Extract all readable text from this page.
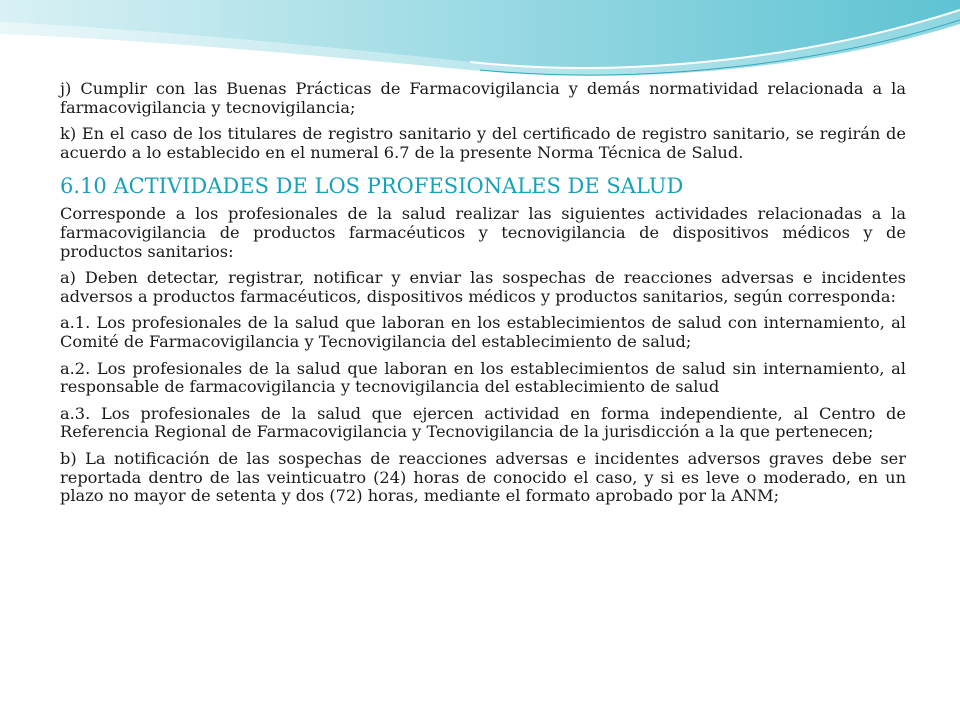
j) Cumplir con las Buenas Prácticas de Farmacovigilancia y demás normatividad relacionada a la farmacovigilancia y tecnovigilancia;

k) En el caso de los titulares de registro sanitario y del certificado de registro sanitario, se regirán de acuerdo a lo establecido en el numeral 6.7 de la presente Norma Técnica de Salud.

6.10 ACTIVIDADES DE LOS PROFESIONALES DE SALUD

Corresponde a los profesionales de la salud realizar las siguientes actividades relacionadas a la farmacovigilancia de productos farmacéuticos y tecnovigilancia de dispositivos médicos y de productos sanitarios:

a) Deben detectar, registrar, notificar y enviar las sospechas de reacciones adversas e incidentes adversos a productos farmacéuticos, dispositivos médicos y productos sanitarios, según corresponda:

a.1. Los profesionales de la salud que laboran en los establecimientos de salud con internamiento, al Comité de Farmacovigilancia y Tecnovigilancia del establecimiento de salud;

a.2. Los profesionales de la salud que laboran en los establecimientos de salud sin internamiento, al responsable de farmacovigilancia y tecnovigilancia del establecimiento de salud

a.3. Los profesionales de la salud que ejercen actividad en forma independiente, al Centro de Referencia Regional de Farmacovigilancia y Tecnovigilancia de la jurisdicción a la que pertenecen;

b) La notificación de las sospechas de reacciones adversas e incidentes adversos graves debe ser reportada dentro de las veinticuatro (24) horas de conocido el caso, y si es leve o moderado, en un plazo no mayor de setenta y dos (72) horas, mediante el formato aprobado por la ANM;
